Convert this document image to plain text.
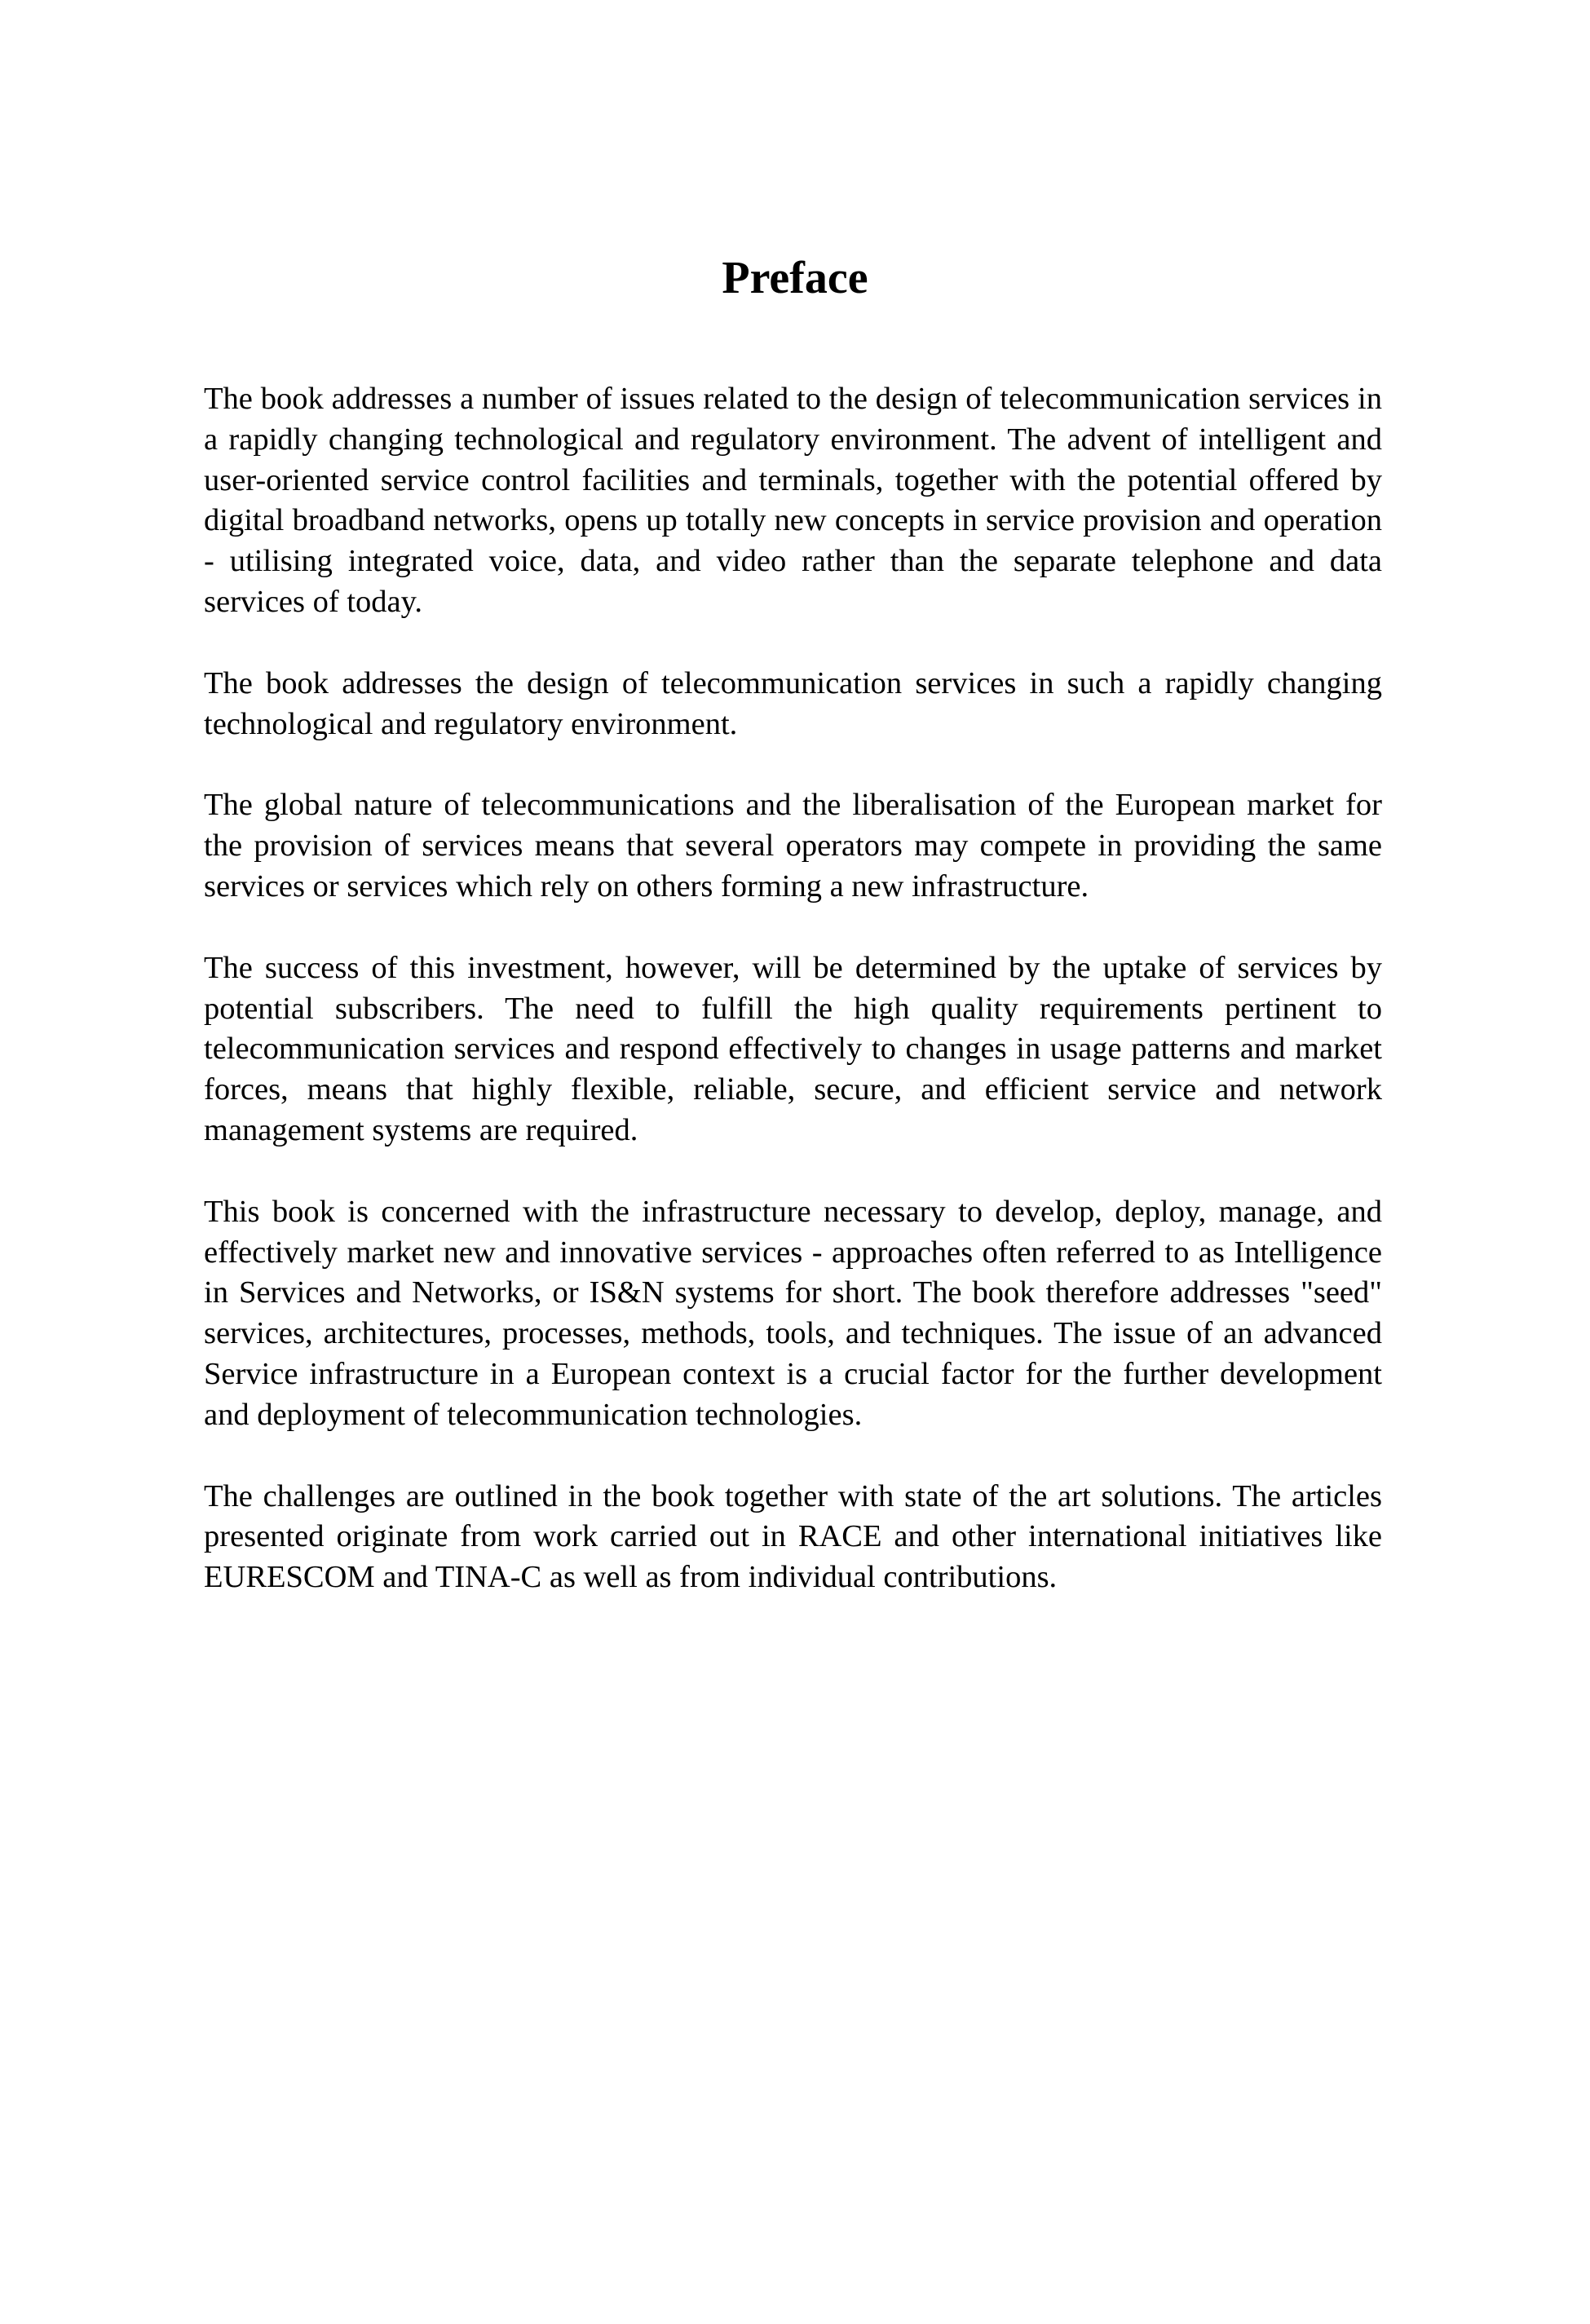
Preface

The book addresses a number of issues related to the design of telecommunication services in a rapidly changing technological and regulatory environment. The advent of intelligent and user-oriented service control facilities and terminals, together with the potential offered by digital broadband networks, opens up totally new concepts in service provision and operation - utilising integrated voice, data, and video rather than the separate telephone and data services of today.

The book addresses the design of telecommunication services in such a rapidly changing technological and regulatory environment.

The global nature of telecommunications and the liberalisation of the European market for the provision of services means that several operators may compete in providing the same services or services which rely on others forming a new infrastructure.

The success of this investment, however, will be determined by the uptake of services by potential subscribers. The need to fulfill the high quality requirements pertinent to telecommunication services and respond effectively to changes in usage patterns and market forces, means that highly flexible, reliable, secure, and efficient service and network management systems are required.

This book is concerned with the infrastructure necessary to develop, deploy, manage, and effectively market new and innovative services - approaches often referred to as Intelligence in Services and Networks, or IS&N systems for short. The book therefore addresses "seed" services, architectures, processes, methods, tools, and techniques. The issue of an advanced Service infrastructure in a European context is a crucial factor for the further development and deployment of telecommunication technologies.

The challenges are outlined in the book together with state of the art solutions. The articles presented originate from work carried out in RACE and other international initiatives like EURESCOM and TINA-C as well as from individual contributions.
